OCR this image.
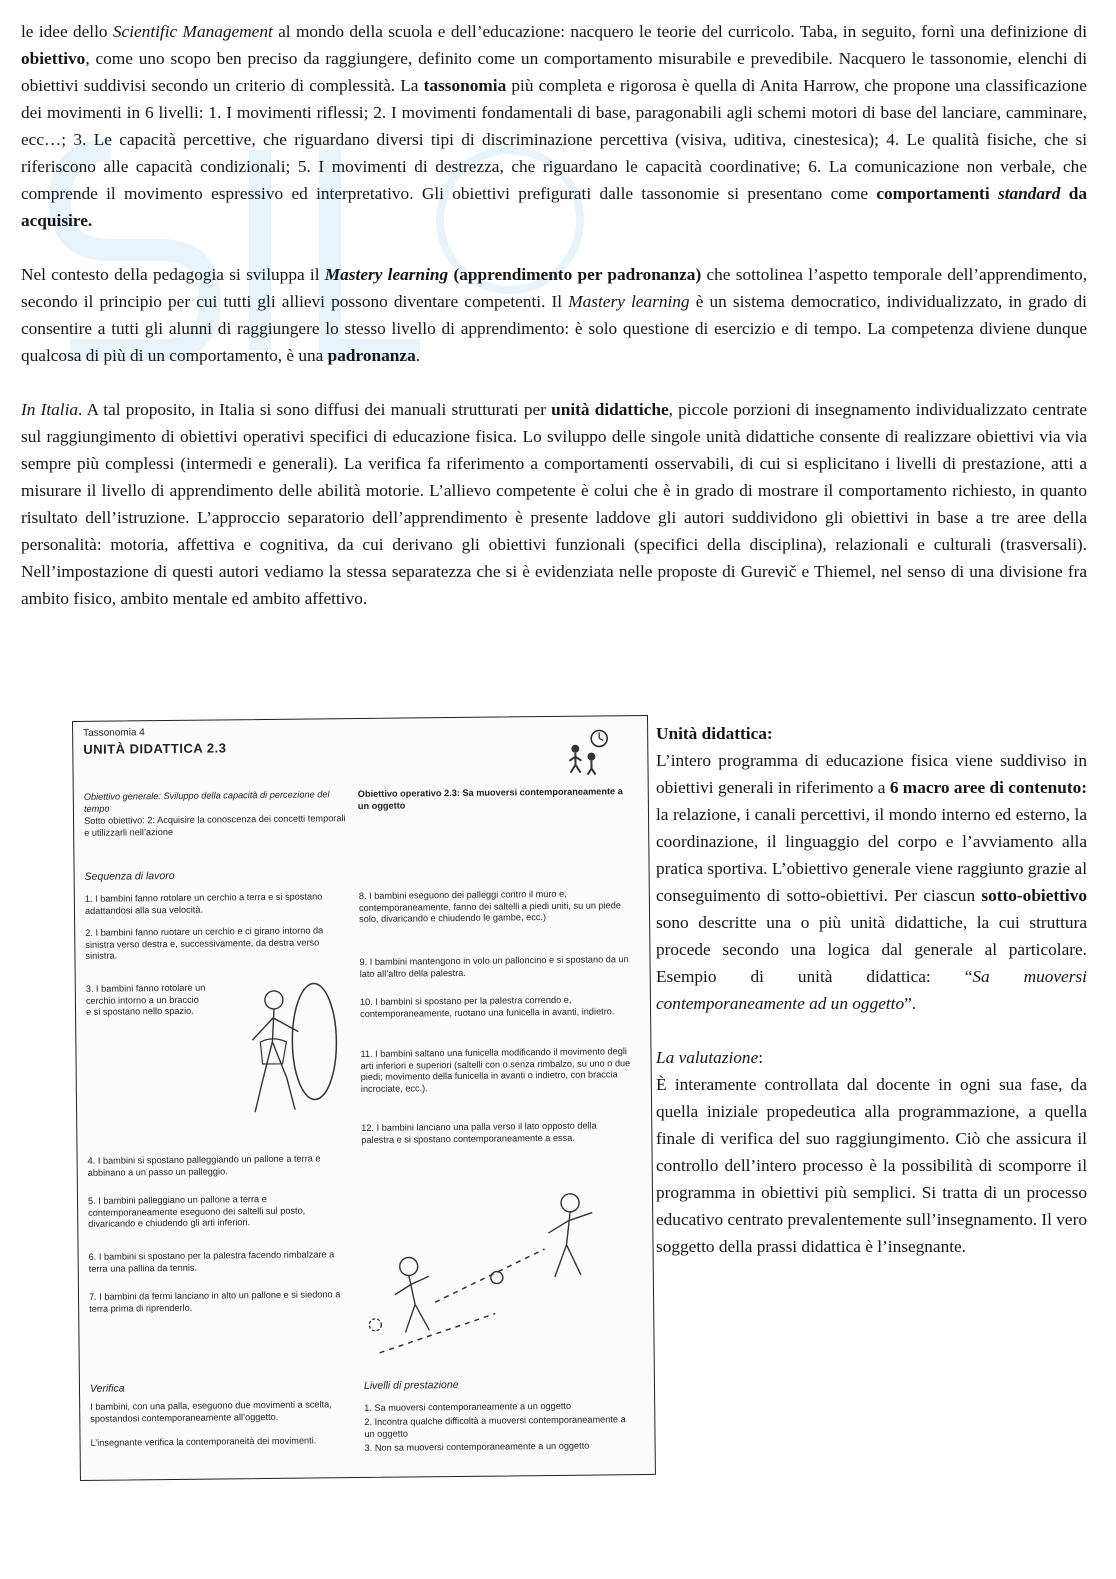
le idee dello Scientific Management al mondo della scuola e dell’educazione: nacquero le teorie del curricolo. Taba, in seguito, fornì una definizione di obiettivo, come uno scopo ben preciso da raggiungere, definito come un comportamento misurabile e prevedibile. Nacquero le tassonomie, elenchi di obiettivi suddivisi secondo un criterio di complessità. La tassonomia più completa e rigorosa è quella di Anita Harrow, che propone una classificazione dei movimenti in 6 livelli: 1. I movimenti riflessi; 2. I movimenti fondamentali di base, paragonabili agli schemi motori di base del lanciare, camminare, ecc…; 3. Le capacità percettive, che riguardano diversi tipi di discriminazione percettiva (visiva, uditiva, cinestesica); 4. Le qualità fisiche, che si riferiscono alle capacità condizionali; 5. I movimenti di destrezza, che riguardano le capacità coordinative; 6. La comunicazione non verbale, che comprende il movimento espressivo ed interpretativo. Gli obiettivi prefigurati dalle tassonomie si presentano come comportamenti standard da acquisire.

Nel contesto della pedagogia si sviluppa il Mastery learning (apprendimento per padronanza) che sottolinea l’aspetto temporale dell’apprendimento, secondo il principio per cui tutti gli allievi possono diventare competenti. Il Mastery learning è un sistema democratico, individualizzato, in grado di consentire a tutti gli alunni di raggiungere lo stesso livello di apprendimento: è solo questione di esercizio e di tempo. La competenza diviene dunque qualcosa di più di un comportamento, è una padronanza.

In Italia. A tal proposito, in Italia si sono diffusi dei manuali strutturati per unità didattiche, piccole porzioni di insegnamento individualizzato centrate sul raggiungimento di obiettivi operativi specifici di educazione fisica. Lo sviluppo delle singole unità didattiche consente di realizzare obiettivi via via sempre più complessi (intermedi e generali). La verifica fa riferimento a comportamenti osservabili, di cui si esplicitano i livelli di prestazione, atti a misurare il livello di apprendimento delle abilità motorie. L’allievo competente è colui che è in grado di mostrare il comportamento richiesto, in quanto risultato dell’istruzione. L’approccio separatorio dell’apprendimento è presente laddove gli autori suddividono gli obiettivi in base a tre aree della personalità: motoria, affettiva e cognitiva, da cui derivano gli obiettivi funzionali (specifici della disciplina), relazionali e culturali (trasversali). Nell’impostazione di questi autori vediamo la stessa separatezza che si è evidenziata nelle proposte di Gurevič e Thiemel, nel senso di una divisione fra ambito fisico, ambito mentale ed ambito affettivo.

Tassonomia 4
UNITÀ DIDATTICA 2.3
Obiettivo generale: Sviluppo della capacità di percezione del tempo
Sotto obiettivo: 2: Acquisire la conoscenza dei concetti temporali e utilizzarli nell’azione
Obiettivo operativo 2.3: Sa muoversi contemporaneamente a un oggetto
Sequenza di lavoro
1. I bambini fanno rotolare un cerchio a terra e si spostano adattandosi alla sua velocità.
2. I bambini fanno ruotare un cerchio e ci girano intorno da sinistra verso destra e, successivamente, da destra verso sinistra.
3. I bambini fanno rotolare un cerchio intorno a un braccio e si spostano nello spazio.
4. I bambini si spostano palleggiando un pallone a terra e abbinano a un passo un palleggio.
5. I bambini palleggiano un pallone a terra e contemporaneamente eseguono dei saltelli sul posto, divaricando e chiudendo gli arti inferiori.
6. I bambini si spostano per la palestra facendo rimbalzare a terra una pallina da tennis.
7. I bambini da fermi lanciano in alto un pallone e si siedono a terra prima di riprenderlo.
8. I bambini eseguono dei palleggi contro il muro e, contemporaneamente, fanno dei saltelli a piedi uniti, su un piede solo, divaricando e chiudendo le gambe, ecc.)
9. I bambini mantengono in volo un palloncino e si spostano da un lato all’altro della palestra.
10. I bambini si spostano per la palestra correndo e, contemporaneamente, ruotano una funicella in avanti, indietro.
11. I bambini saltano una funicella modificando il movimento degli arti inferiori e superiori (saltelli con o senza rimbalzo, su uno o due piedi; movimento della funicella in avanti o indietro, con braccia incrociate, ecc.).
12. I bambini lanciano una palla verso il lato opposto della palestra e si spostano contemporaneamente a essa.
Verifica
I bambini, con una palla, eseguono due movimenti a scelta, spostandosi contemporaneamente all’oggetto.
L’insegnante verifica la contemporaneità dei movimenti.
Livelli di prestazione
1. Sa muoversi contemporaneamente a un oggetto
2. Incontra qualche difficoltà a muoversi contemporaneamente a un oggetto
3. Non sa muoversi contemporaneamente a un oggetto

Unità didattica:

L’intero programma di educazione fisica viene suddiviso in obiettivi generali in riferimento a 6 macro aree di contenuto: la relazione, i canali percettivi, il mondo interno ed esterno, la coordinazione, il linguaggio del corpo e l’avviamento alla pratica sportiva. L’obiettivo generale viene raggiunto grazie al conseguimento di sotto-obiettivi. Per ciascun sotto-obiettivo sono descritte una o più unità didattiche, la cui struttura procede secondo una logica dal generale al particolare. Esempio di unità didattica: “Sa muoversi contemporaneamente ad un oggetto”.

La valutazione:

È interamente controllata dal docente in ogni sua fase, da quella iniziale propedeutica alla programmazione, a quella finale di verifica del suo raggiungimento. Ciò che assicura il controllo dell’intero processo è la possibilità di scomporre il programma in obiettivi più semplici. Si tratta di un processo educativo centrato prevalentemente sull’insegnamento. Il vero soggetto della prassi didattica è l’insegnante.
